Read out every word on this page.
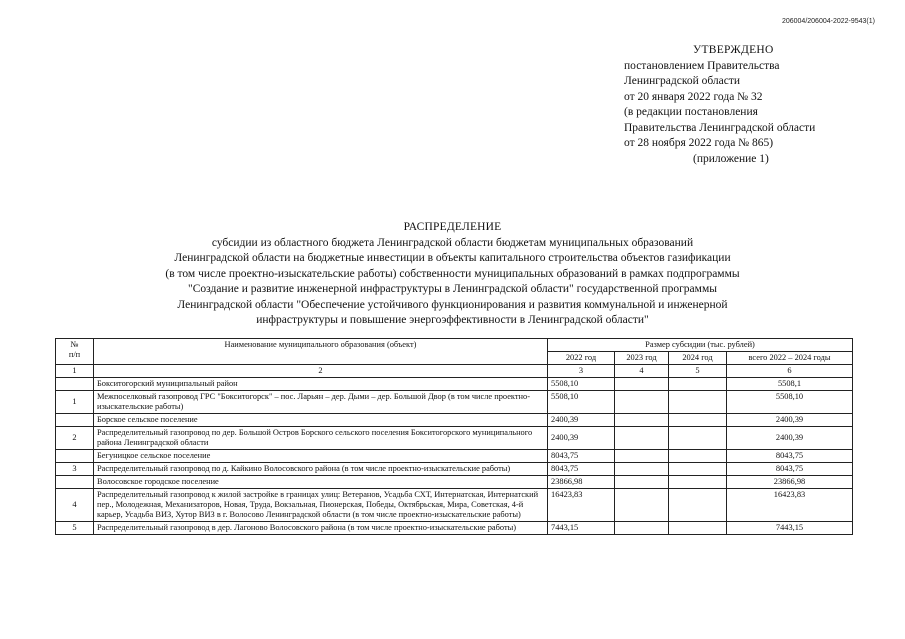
206004/206004-2022-9543(1)
УТВЕРЖДЕНО
постановлением Правительства
Ленинградской области
от 20 января 2022 года № 32
(в редакции постановления
Правительства Ленинградской области
от 28 ноября 2022 года № 865)
(приложение 1)
РАСПРЕДЕЛЕНИЕ
субсидии из областного бюджета Ленинградской области бюджетам муниципальных образований
Ленинградской области на бюджетные инвестиции в объекты капитального строительства объектов газификации
(в том числе проектно-изыскательские работы) собственности муниципальных образований в рамках подпрограммы
"Создание и развитие инженерной инфраструктуры в Ленинградской области" государственной программы
Ленинградской области "Обеспечение устойчивого функционирования и развития коммунальной и инженерной
инфраструктуры и повышение энергоэффективности в Ленинградской области"
№
п/п	Наименование муниципального образования (объект)	Размер субсидии (тыс. рублей)			
		2022 год	2023 год	2024 год	всего 2022 – 2024 годы
1	2	3	4	5	6
	Бокситогорский муниципальный район	5508,10			5508,1
1	Межпоселковый газопровод ГРС "Бокситогорск" – пос. Ларьян – дер. Дыми – дер. Большой Двор (в том числе проектно-изыскательские работы)	5508,10			5508,10
	Борское сельское поселение	2400,39			2400,39
2	Распределительный газопровод по дер. Большой Остров Борского сельского поселения Бокситогорского муниципального района Ленинградской области	2400,39			2400,39
	Бегуницкое сельское поселение	8043,75			8043,75
3	Распределительный газопровод по д. Кайкино Волосовского района (в том числе проектно-изыскательские работы)	8043,75			8043,75
	Волосовское городское поселение	23866,98			23866,98
4	Распределительный газопровод к жилой застройке в границах улиц: Ветеранов, Усадьба СХТ, Интернатская, Интернатский пер., Молодежная, Механизаторов, Новая, Труда, Вокзальная, Пионерская, Победы, Октябрьская, Мира, Советская, 4-й карьер, Усадьба ВИЗ, Хутор ВИЗ в г. Волосово Ленинградской области (в том числе проектно-изыскательские работы)	16423,83			16423,83
5	Распределительный газопровод в дер. Лагоново Волосовского района (в том числе проектно-изыскательские работы)	7443,15			7443,15
